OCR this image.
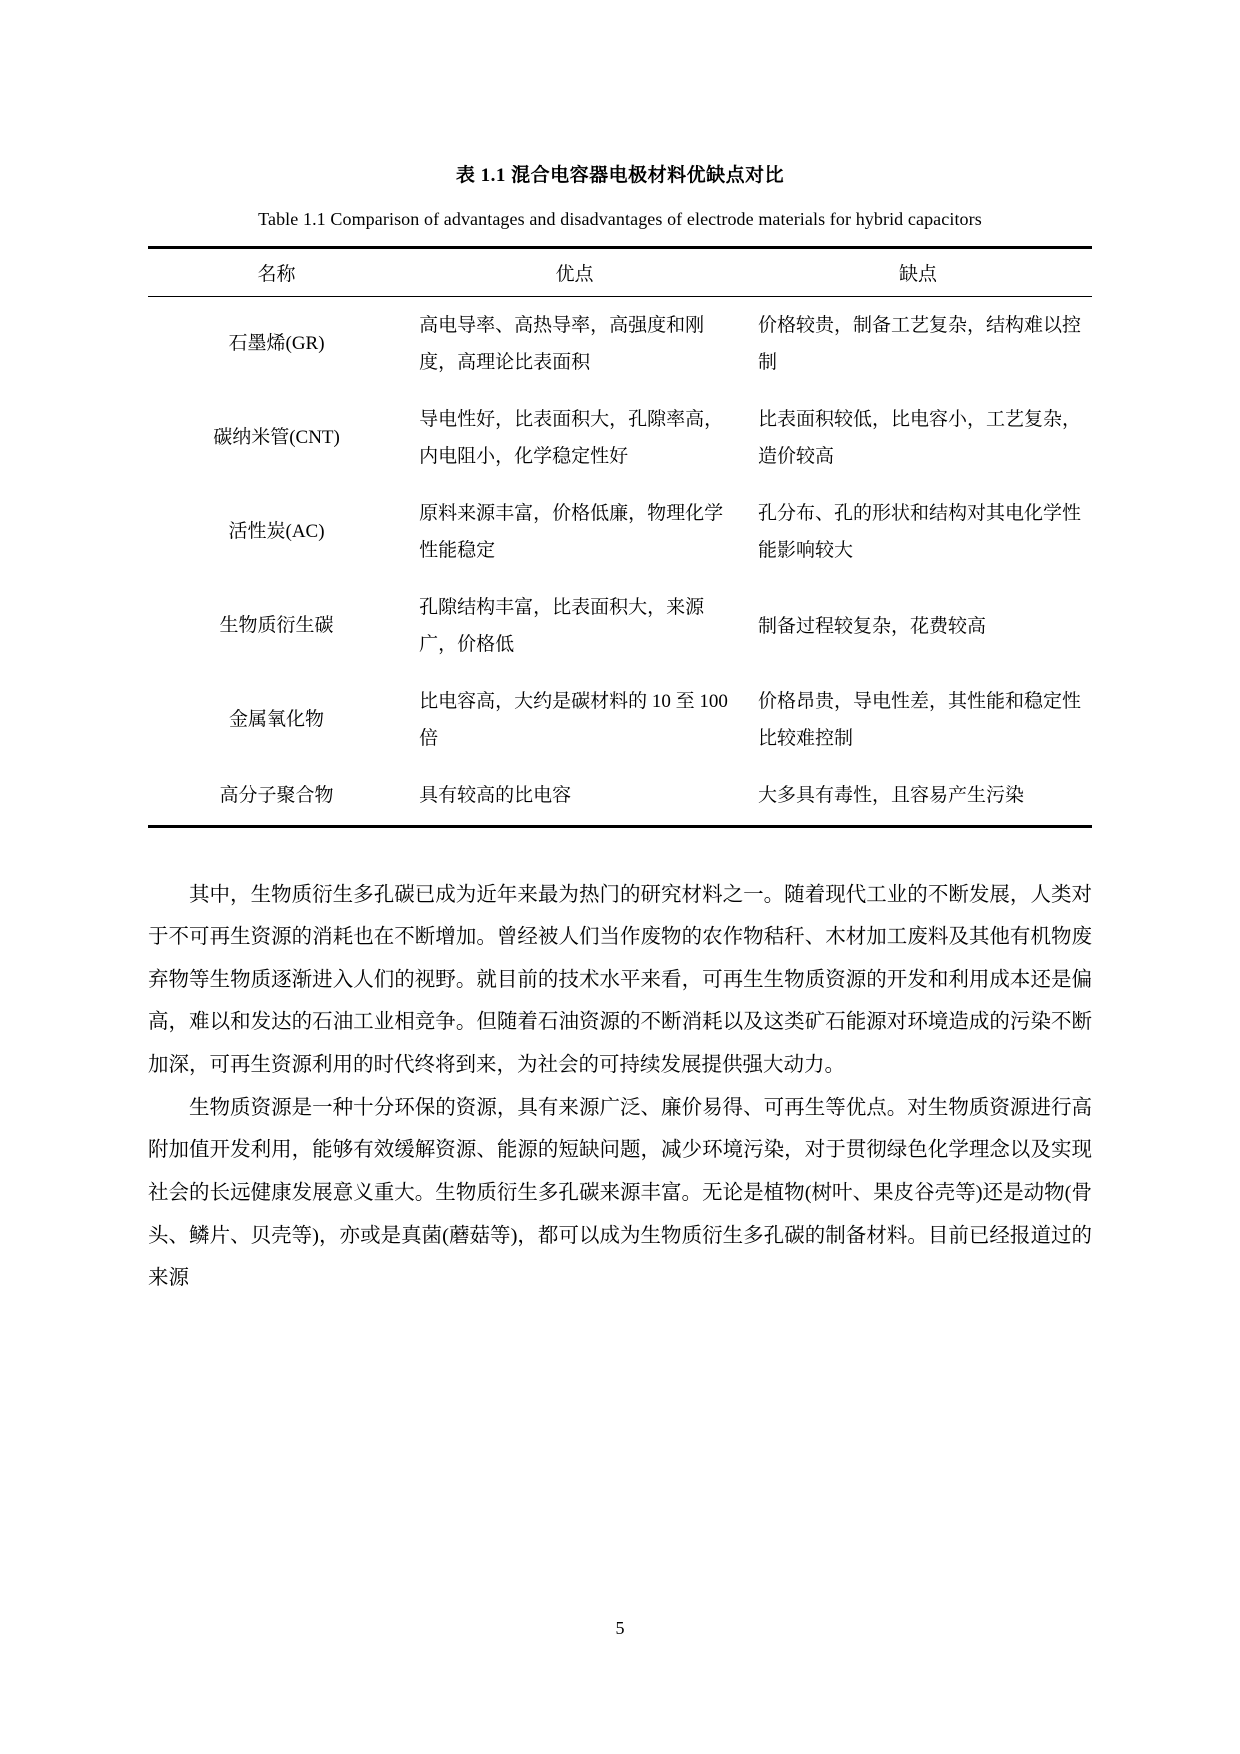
表 1.1 混合电容器电极材料优缺点对比
Table 1.1 Comparison of advantages and disadvantages of electrode materials for hybrid capacitors
名称	优点	缺点

石墨烯(GR)	高电导率、高热导率，高强度和刚度，高理论比表面积	价格较贵，制备工艺复杂，结构难以控制

碳纳米管(CNT)	导电性好，比表面积大，孔隙率高，内电阻小，化学稳定性好	比表面积较低，比电容小，工艺复杂，造价较高

活性炭(AC)	原料来源丰富，价格低廉，物理化学性能稳定	孔分布、孔的形状和结构对其电化学性能影响较大

生物质衍生碳	孔隙结构丰富，比表面积大，来源广，价格低	制备过程较复杂，花费较高

金属氧化物	比电容高，大约是碳材料的 10 至 100 倍	价格昂贵，导电性差，其性能和稳定性比较难控制

高分子聚合物	具有较高的比电容	大多具有毒性，且容易产生污染

其中，生物质衍生多孔碳已成为近年来最为热门的研究材料之一。随着现代工业的不断发展，人类对于不可再生资源的消耗也在不断增加。曾经被人们当作废物的农作物秸秆、木材加工废料及其他有机物废弃物等生物质逐渐进入人们的视野。就目前的技术水平来看，可再生生物质资源的开发和利用成本还是偏高，难以和发达的石油工业相竞争。但随着石油资源的不断消耗以及这类矿石能源对环境造成的污染不断加深，可再生资源利用的时代终将到来，为社会的可持续发展提供强大动力。

生物质资源是一种十分环保的资源，具有来源广泛、廉价易得、可再生等优点。对生物质资源进行高附加值开发利用，能够有效缓解资源、能源的短缺问题，减少环境污染，对于贯彻绿色化学理念以及实现社会的长远健康发展意义重大。生物质衍生多孔碳来源丰富。无论是植物(树叶、果皮谷壳等)还是动物(骨头、鳞片、贝壳等)，亦或是真菌(蘑菇等)，都可以成为生物质衍生多孔碳的制备材料。目前已经报道过的来源

5
